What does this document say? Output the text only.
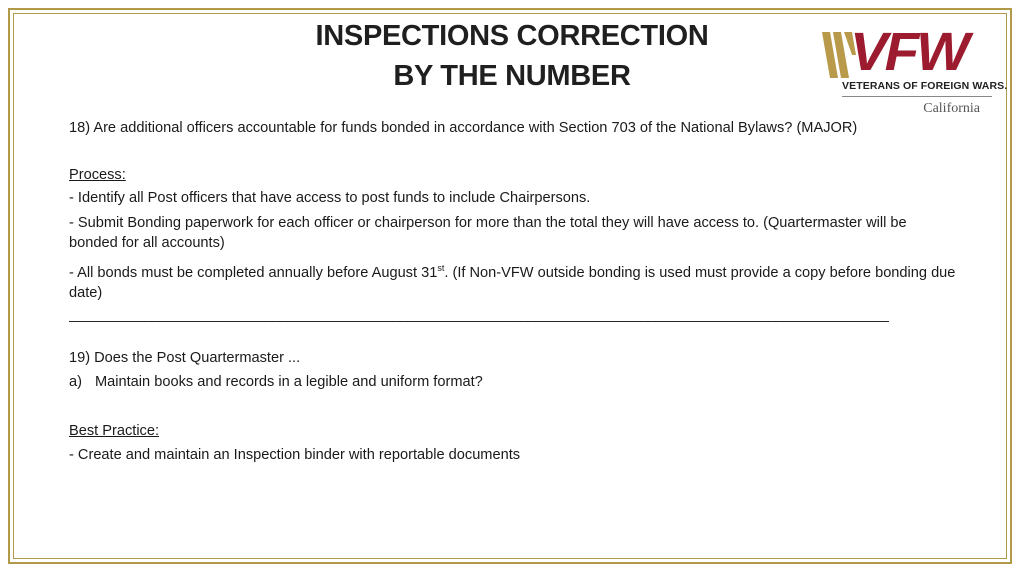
INSPECTIONS CORRECTION
BY THE NUMBER	VFW
VETERANS OF FOREIGN WARS.
California

18) Are additional officers accountable for funds bonded in accordance with Section 703 of the National Bylaws? (MAJOR)

Process:

- Identify all Post officers that have access to post funds to include Chairpersons.

- Submit Bonding paperwork for each officer or chairperson for more than the total they will have access to. (Quartermaster will be bonded for all accounts)

- All bonds must be completed annually before August 31st. (If Non-VFW outside bonding is used must provide a copy before bonding due date)

_____________________________________________________________________________________________________________

19) Does the Post Quartermaster ...

a) Maintain books and records in a legible and uniform format?

Best Practice:

- Create and maintain an Inspection binder with reportable documents
